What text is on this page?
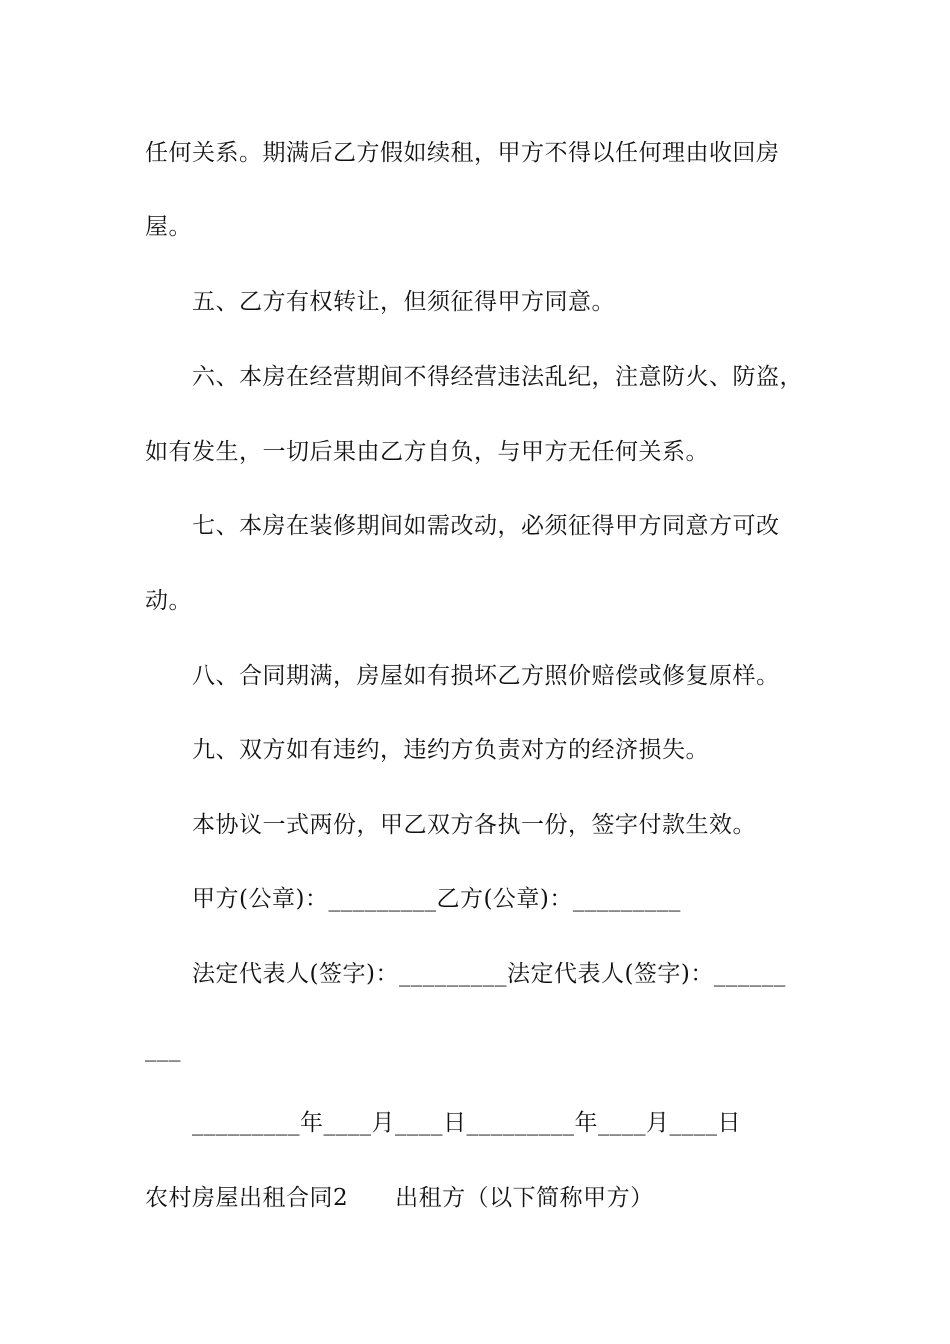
任何关系。期满后乙方假如续租，甲方不得以任何理由收回房
屋。
五、乙方有权转让，但须征得甲方同意。
六、本房在经营期间不得经营违法乱纪，注意防火、防盗，
如有发生，一切后果由乙方自负，与甲方无任何关系。
七、本房在装修期间如需改动，必须征得甲方同意方可改
动。
八、合同期满，房屋如有损坏乙方照价赔偿或修复原样。
九、双方如有违约，违约方负责对方的经济损失。
本协议一式两份，甲乙双方各执一份，签字付款生效。
甲方(公章)：_________乙方(公章)：_________
法定代表人(签字)：_________法定代表人(签字)：______
___
_________年____月____日_________年____月____日
农村房屋出租合同2　　出租方（以下简称甲方）
